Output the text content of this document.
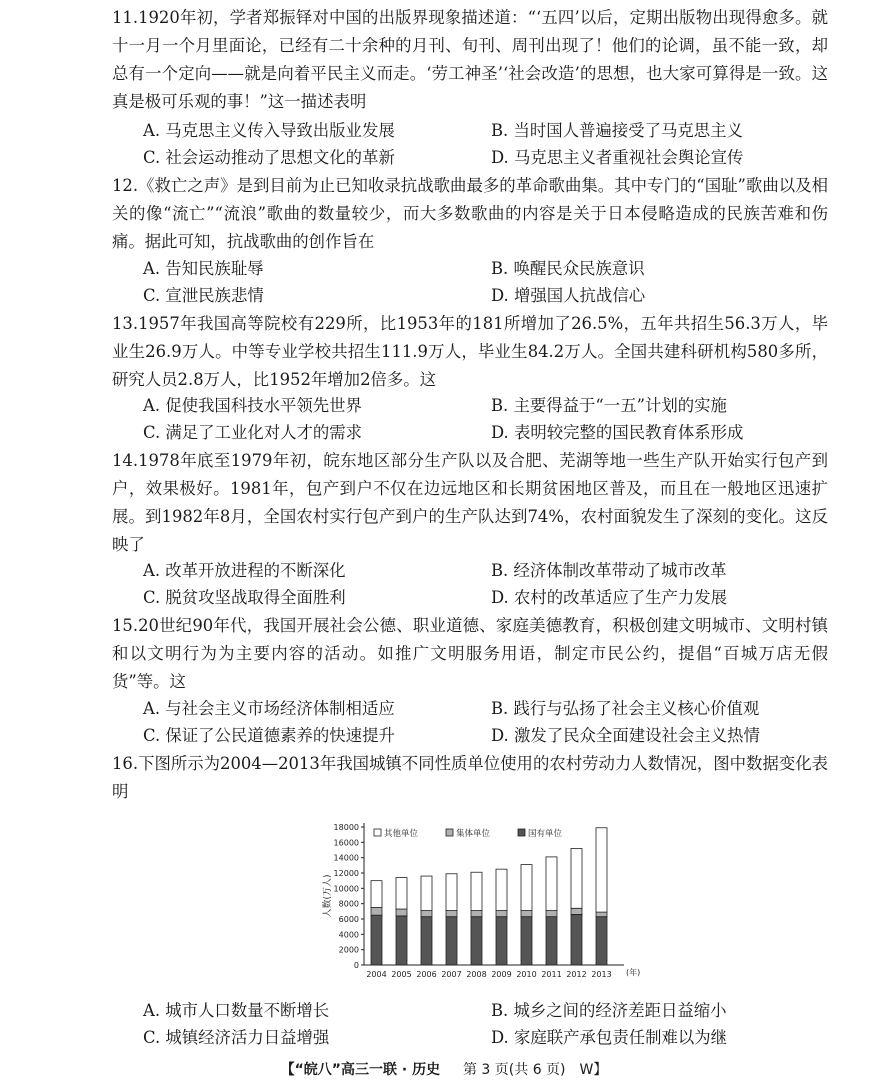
11.1920年初，学者郑振铎对中国的出版界现象描述道：“‘五四’以后，定期出版物出现得愈多。就十一月一个月里面论，已经有二十余种的月刊、旬刊、周刊出现了！他们的论调，虽不能一致，却总有一个定向——就是向着平民主义而走。‘劳工神圣’‘社会改造’的思想，也大家可算得是一致。这真是极可乐观的事！”这一描述表明
A. 马克思主义传入导致出版业发展	B. 当时国人普遍接受了马克思主义
C. 社会运动推动了思想文化的革新	D. 马克思主义者重视社会舆论宣传
12.《救亡之声》是到目前为止已知收录抗战歌曲最多的革命歌曲集。其中专门的“国耻”歌曲以及相关的像“流亡”“流浪”歌曲的数量较少，而大多数歌曲的内容是关于日本侵略造成的民族苦难和伤痛。据此可知，抗战歌曲的创作旨在
A. 告知民族耻辱	B. 唤醒民众民族意识
C. 宣泄民族悲情	D. 增强国人抗战信心
13.1957年我国高等院校有229所，比1953年的181所增加了26.5%，五年共招生56.3万人，毕业生26.9万人。中等专业学校共招生111.9万人，毕业生84.2万人。全国共建科研机构580多所，研究人员2.8万人，比1952年增加2倍多。这
A. 促使我国科技水平领先世界	B. 主要得益于“一五”计划的实施
C. 满足了工业化对人才的需求	D. 表明较完整的国民教育体系形成
14.1978年底至1979年初，皖东地区部分生产队以及合肥、芜湖等地一些生产队开始实行包产到户，效果极好。1981年，包产到户不仅在边远地区和长期贫困地区普及，而且在一般地区迅速扩展。到1982年8月，全国农村实行包产到户的生产队达到74%，农村面貌发生了深刻的变化。这反映了
A. 改革开放进程的不断深化	B. 经济体制改革带动了城市改革
C. 脱贫攻坚战取得全面胜利	D. 农村的改革适应了生产力发展
15.20世纪90年代，我国开展社会公德、职业道德、家庭美德教育，积极创建文明城市、文明村镇和以文明行为为主要内容的活动。如推广文明服务用语，制定市民公约，提倡“百城万店无假货”等。这
A. 与社会主义市场经济体制相适应	B. 践行与弘扬了社会主义核心价值观
C. 保证了公民道德素养的快速提升	D. 激发了民众全面建设社会主义热情
16.下图所示为2004—2013年我国城镇不同性质单位使用的农村劳动力人数情况，图中数据变化表明
0
2000
4000
6000
8000
10000
12000
14000
16000
18000
人数(万人)
2004 2005 2006 2007 2008 2009 2010 2011 2012 2013 (年)
其他单位	集体单位	国有单位
A. 城市人口数量不断增长	B. 城乡之间的经济差距日益缩小
C. 城镇经济活力日益增强	D. 家庭联产承包责任制难以为继
【“皖八”高三一联 · 历史 第 3 页(共 6 页)　W】
